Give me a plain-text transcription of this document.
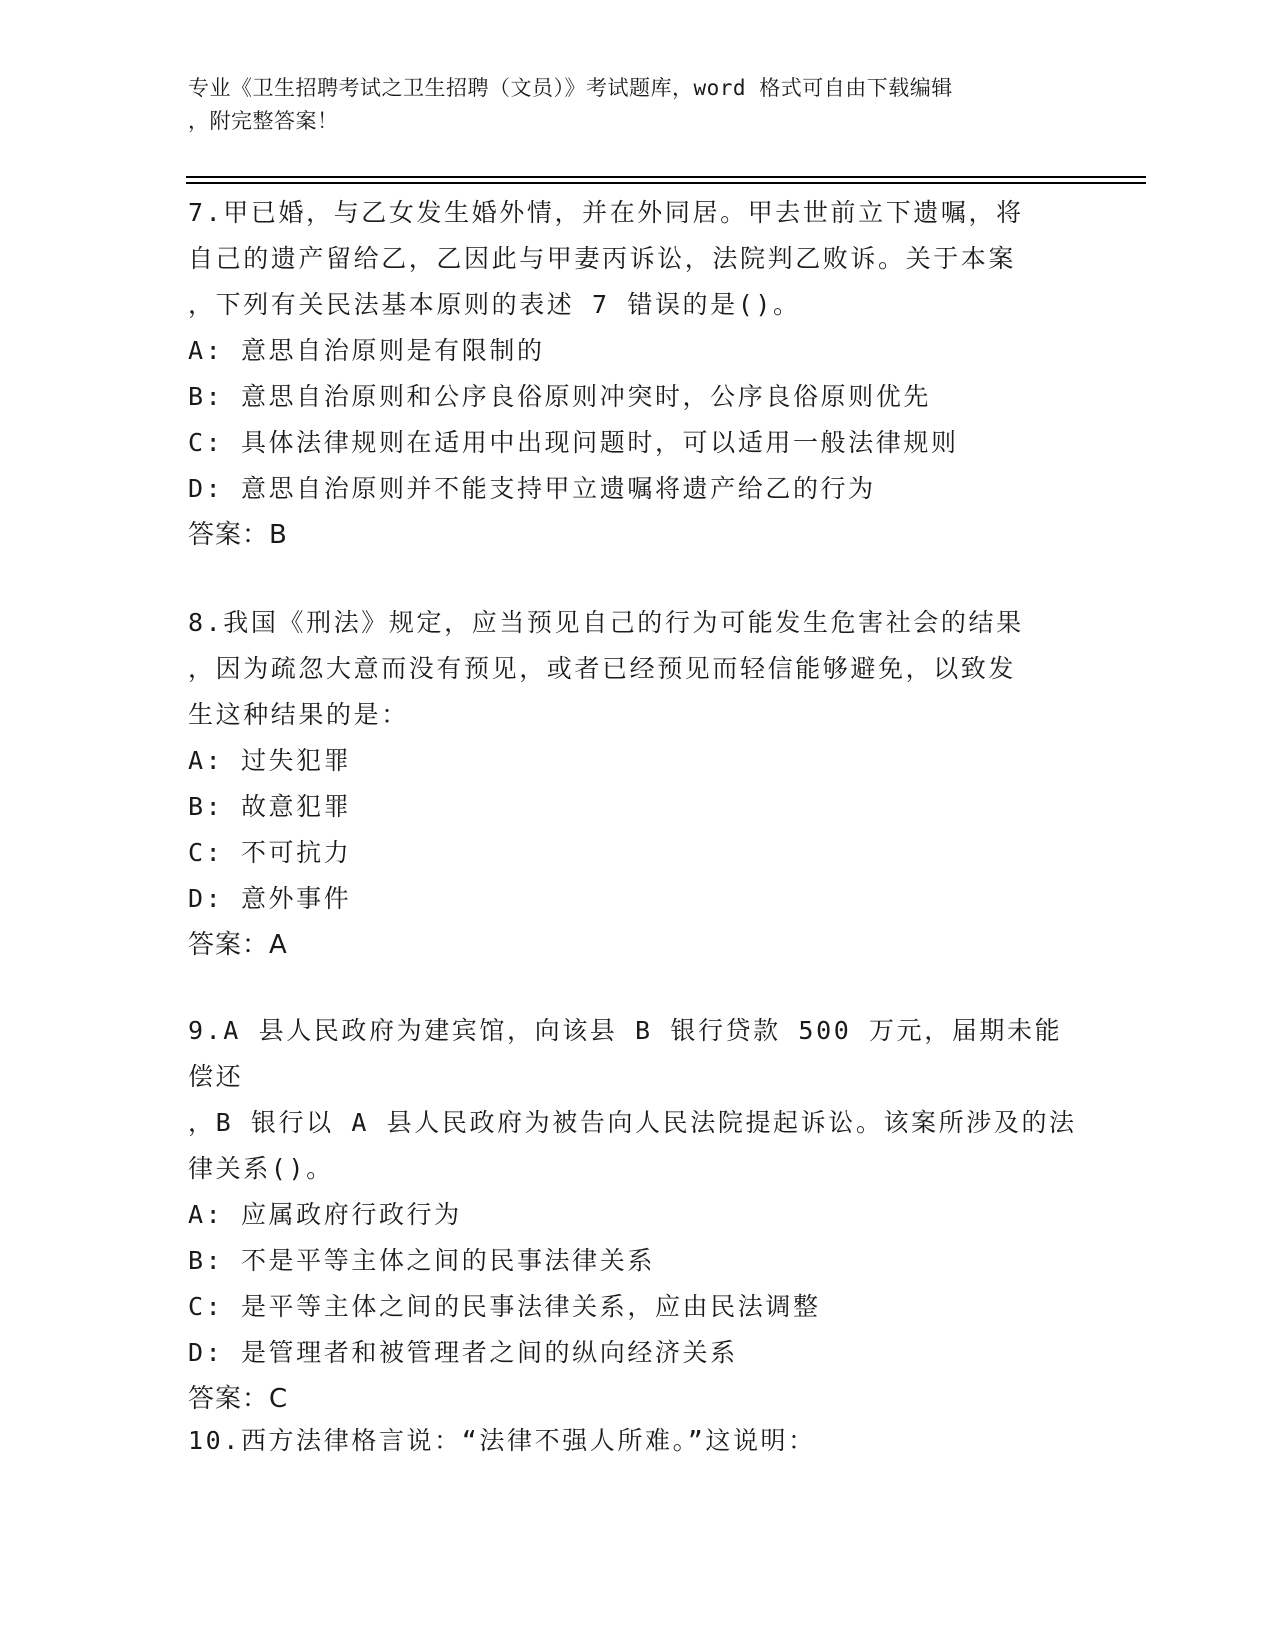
专业《卫生招聘考试之卫生招聘（文员）》考试题库，word 格式可自由下载编辑
，附完整答案！
7.甲已婚，与乙女发生婚外情，并在外同居。甲去世前立下遗嘱，将
自己的遗产留给乙，乙因此与甲妻丙诉讼，法院判乙败诉。关于本案
，下列有关民法基本原则的表述 7 错误的是()。
A: 意思自治原则是有限制的
B: 意思自治原则和公序良俗原则冲突时，公序良俗原则优先
C: 具体法律规则在适用中出现问题时，可以适用一般法律规则
D: 意思自治原则并不能支持甲立遗嘱将遗产给乙的行为
答案：B
8.我国《刑法》规定，应当预见自己的行为可能发生危害社会的结果
，因为疏忽大意而没有预见，或者已经预见而轻信能够避免，以致发
生这种结果的是：
A: 过失犯罪
B: 故意犯罪
C: 不可抗力
D: 意外事件
答案：A
9.A 县人民政府为建宾馆，向该县 B 银行贷款 500 万元，届期未能偿还
，B 银行以 A 县人民政府为被告向人民法院提起诉讼。该案所涉及的法
律关系()。
A: 应属政府行政行为
B: 不是平等主体之间的民事法律关系
C: 是平等主体之间的民事法律关系，应由民法调整
D: 是管理者和被管理者之间的纵向经济关系
答案：C
10.西方法律格言说：“法律不强人所难。”这说明：
